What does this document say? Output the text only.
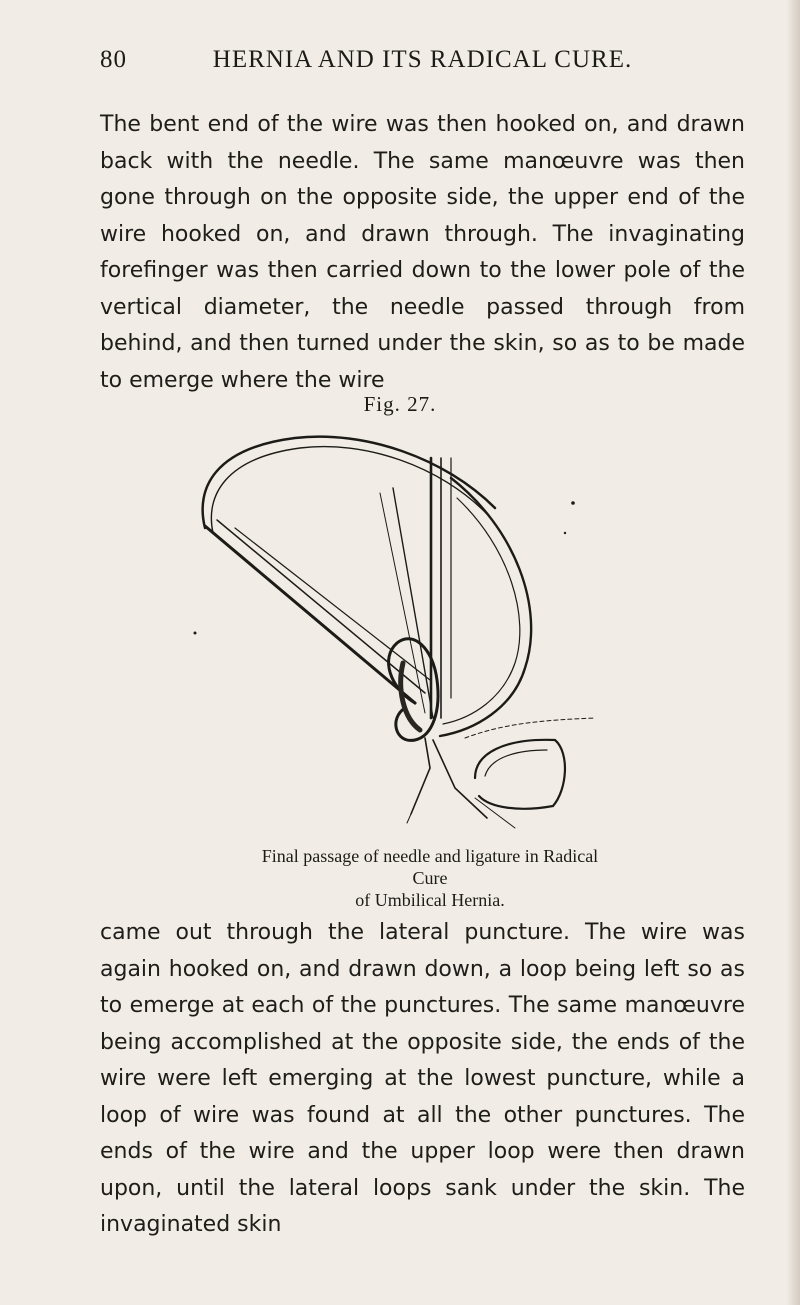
80	HERNIA AND ITS RADICAL CURE.

The bent end of the wire was then hooked on, and drawn back with the needle. The same manœuvre was then gone through on the opposite side, the upper end of the wire hooked on, and drawn through. The invaginating forefinger was then carried down to the lower pole of the vertical diameter, the needle passed through from behind, and then turned under the skin, so as to be made to emerge where the wire

Fig. 27.
Final passage of needle and ligature in Radical Cure
of Umbilical Hernia.

came out through the lateral puncture. The wire was again hooked on, and drawn down, a loop being left so as to emerge at each of the punctures. The same manœuvre being accomplished at the opposite side, the ends of the wire were left emerging at the lowest puncture, while a loop of wire was found at all the other punctures. The ends of the wire and the upper loop were then drawn upon, until the lateral loops sank under the skin. The invaginated skin
